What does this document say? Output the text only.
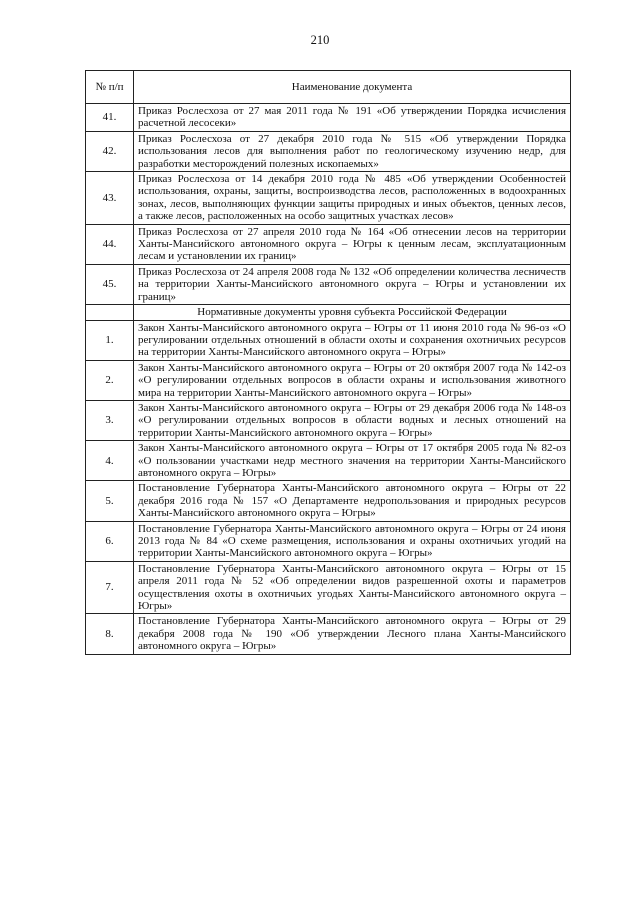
210
№ п/п	Наименование документа
41.	Приказ Рослесхоза от 27 мая 2011 года № 191 «Об утверждении Порядка исчисления расчетной лесосеки»
42.	Приказ Рослесхоза от 27 декабря 2010 года № 515 «Об утверждении Порядка использования лесов для выполнения работ по геологическому изучению недр, для разработки месторождений полезных ископаемых»
43.	Приказ Рослесхоза от 14 декабря 2010 года № 485 «Об утверждении Особенностей использования, охраны, защиты, воспроизводства лесов, расположенных в водоохранных зонах, лесов, выполняющих функции защиты природных и иных объектов, ценных лесов, а также лесов, расположенных на особо защитных участках лесов»
44.	Приказ Рослесхоза от 27 апреля 2010 года № 164 «Об отнесении лесов на территории Ханты-Мансийского автономного округа – Югры к ценным лесам, эксплуатационным лесам и установлении их границ»
45.	Приказ Рослесхоза от 24 апреля 2008 года № 132 «Об определении количества лесничеств на территории Ханты-Мансийского автономного округа – Югры и установлении их границ»
	Нормативные документы уровня субъекта Российской Федерации
1.	Закон Ханты-Мансийского автономного округа – Югры от 11 июня 2010 года № 96-оз «О регулировании отдельных отношений в области охоты и сохранения охотничьих ресурсов на территории Ханты-Мансийского автономного округа – Югры»
2.	Закон Ханты-Мансийского автономного округа – Югры от 20 октября 2007 года № 142-оз «О регулировании отдельных вопросов в области охраны и использования животного мира на территории Ханты-Мансийского автономного округа – Югры»
3.	Закон Ханты-Мансийского автономного округа – Югры от 29 декабря 2006 года № 148-оз «О регулировании отдельных вопросов в области водных и лесных отношений на территории Ханты-Мансийского автономного округа – Югры»
4.	Закон Ханты-Мансийского автономного округа – Югры от 17 октября 2005 года № 82-оз «О пользовании участками недр местного значения на территории Ханты-Мансийского автономного округа – Югры»
5.	Постановление Губернатора Ханты-Мансийского автономного округа – Югры от 22 декабря 2016 года № 157 «О Департаменте недропользования и природных ресурсов Ханты-Мансийского автономного округа – Югры»
6.	Постановление Губернатора Ханты-Мансийского автономного округа – Югры от 24 июня 2013 года № 84 «О схеме размещения, использования и охраны охотничьих угодий на территории Ханты-Мансийского автономного округа – Югры»
7.	Постановление Губернатора Ханты-Мансийского автономного округа – Югры от 15 апреля 2011 года № 52 «Об определении видов разрешенной охоты и параметров осуществления охоты в охотничьих угодьях Ханты-Мансийского автономного округа – Югры»
8.	Постановление Губернатора Ханты-Мансийского автономного округа – Югры от 29 декабря 2008 года № 190 «Об утверждении Лесного плана Ханты-Мансийского автономного округа – Югры»
